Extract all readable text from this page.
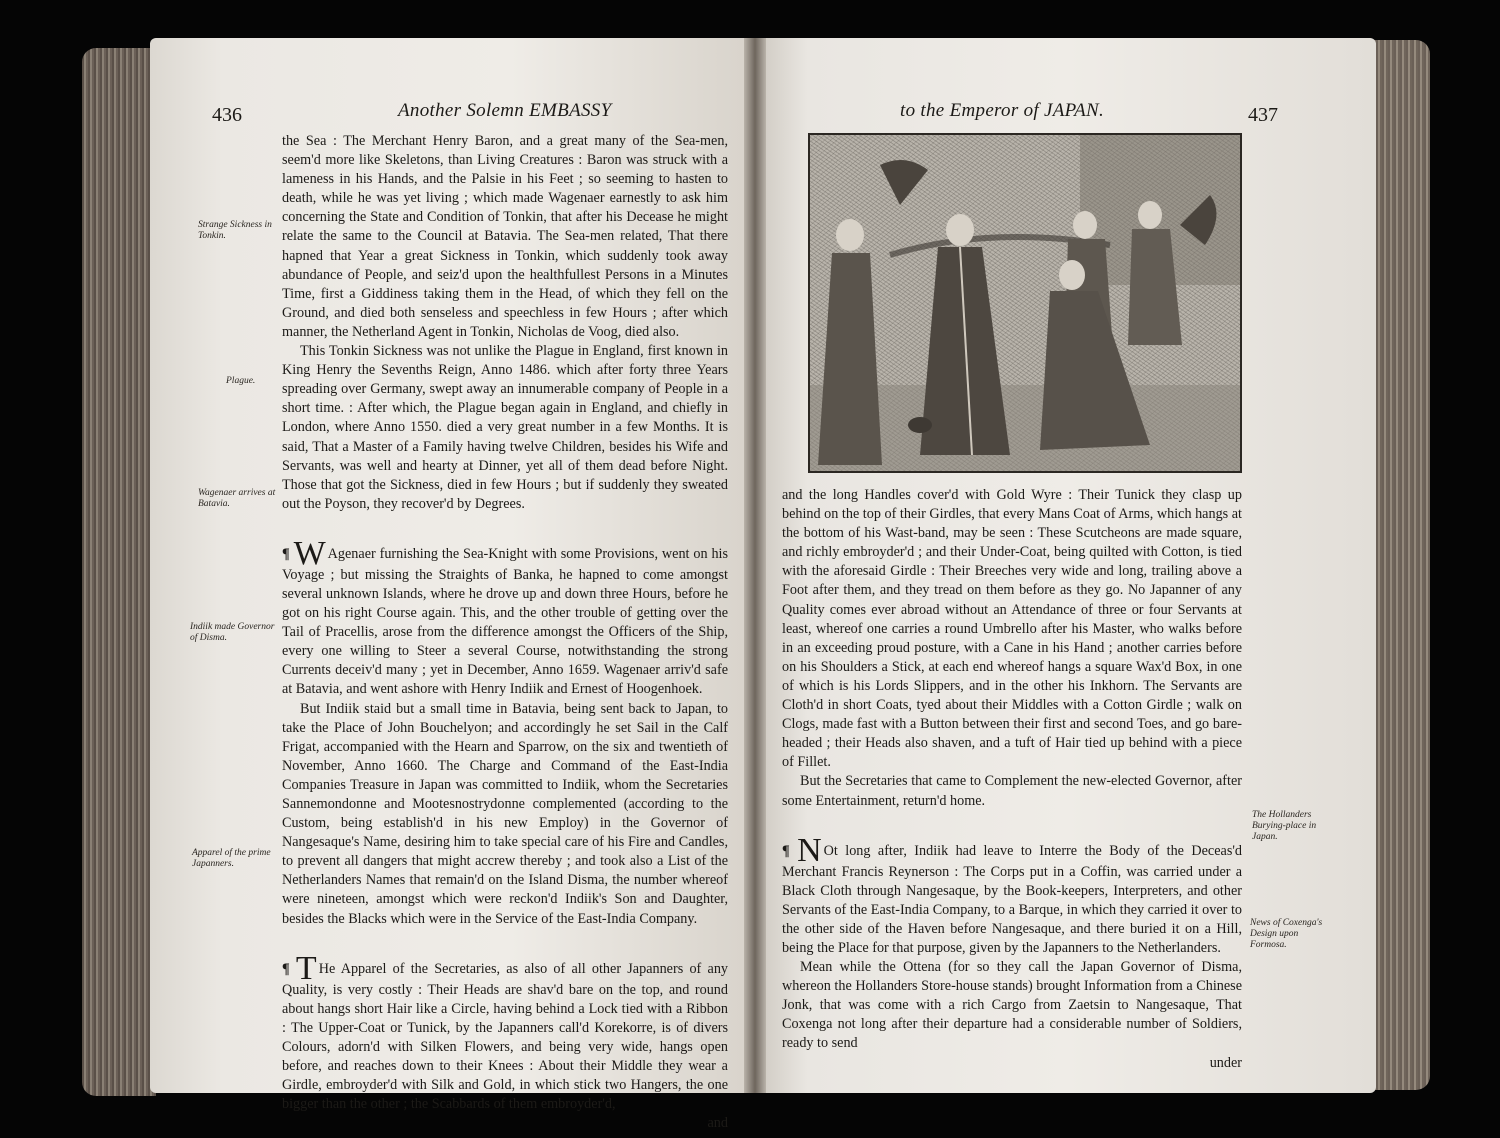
436	Another Solemn EMBASSY
Strange Sickness in Tonkin.
Plague.
Wagenaer arrives at Batavia.
Indiik made Governor of Disma.
Apparel of the prime Japanners.

the Sea : The Merchant Henry Baron, and a great many of the Sea-men, seem'd more like Skeletons, than Living Creatures : Baron was struck with a lameness in his Hands, and the Palsie in his Feet ; so seeming to hasten to death, while he was yet living ; which made Wagenaer earnestly to ask him concerning the State and Condition of Tonkin, that after his Decease he might relate the same to the Council at Batavia. The Sea-men related, That there hapned that Year a great Sickness in Tonkin, which suddenly took away abundance of People, and seiz'd upon the healthfullest Persons in a Minutes Time, first a Giddiness taking them in the Head, of which they fell on the Ground, and died both senseless and speechless in few Hours ; after which manner, the Netherland Agent in Tonkin, Nicholas de Voog, died also.

This Tonkin Sickness was not unlike the Plague in England, first known in King Henry the Sevenths Reign, Anno 1486. which after forty three Years spreading over Germany, swept away an innumerable company of People in a short time. : After which, the Plague began again in England, and chiefly in London, where Anno 1550. died a very great number in a few Months. It is said, That a Master of a Family having twelve Children, besides his Wife and Servants, was well and hearty at Dinner, yet all of them dead before Night. Those that got the Sickness, died in few Hours ; but if suddenly they sweated out the Poyson, they recover'd by Degrees.

¶ W Agenaer furnishing the Sea-Knight with some Provisions, went on his Voyage ; but missing the Straights of Banka, he hapned to come amongst several unknown Islands, where he drove up and down three Hours, before he got on his right Course again. This, and the other trouble of getting over the Tail of Pracellis, arose from the difference amongst the Officers of the Ship, every one willing to Steer a several Course, notwithstanding the strong Currents deceiv'd many ; yet in December, Anno 1659. Wagenaer arriv'd safe at Batavia, and went ashore with Henry Indiik and Ernest of Hoogenhoek.

But Indiik staid but a small time in Batavia, being sent back to Japan, to take the Place of John Bouchelyon; and accordingly he set Sail in the Calf Frigat, accompanied with the Hearn and Sparrow, on the six and twentieth of November, Anno 1660. The Charge and Command of the East-India Companies Treasure in Japan was committed to Indiik, whom the Secretaries Sannemondonne and Mootesnostrydonne complemented (according to the Custom, being establish'd in his new Employ) in the Governor of Nangesaque's Name, desiring him to take special care of his Fire and Candles, to prevent all dangers that might accrew thereby ; and took also a List of the Netherlanders Names that remain'd on the Island Disma, the number whereof were nineteen, amongst which were reckon'd Indiik's Son and Daughter, besides the Blacks which were in the Service of the East-India Company.

¶ T He Apparel of the Secretaries, as also of all other Japanners of any Quality, is very costly : Their Heads are shav'd bare on the top, and round about hangs short Hair like a Circle, having behind a Lock tied with a Ribbon : The Upper-Coat or Tunick, by the Japanners call'd Korekorre, is of divers Colours, adorn'd with Silken Flowers, and being very wide, hangs open before, and reaches down to their Knees : About their Middle they wear a Girdle, embroyder'd with Silk and Gold, in which stick two Hangers, the one bigger than the other ; the Scabbards of them embroyder'd,

and

to the Emperor of JAPAN.	437

and the long Handles cover'd with Gold Wyre : Their Tunick they clasp up behind on the top of their Girdles, that every Mans Coat of Arms, which hangs at the bottom of his Wast-band, may be seen : These Scutcheons are made square, and richly embroyder'd ; and their Under-Coat, being quilted with Cotton, is tied with the aforesaid Girdle : Their Breeches very wide and long, trailing above a Foot after them, and they tread on them before as they go. No Japanner of any Quality comes ever abroad without an Attendance of three or four Servants at least, whereof one carries a round Umbrello after his Master, who walks before in an exceeding proud posture, with a Cane in his Hand ; another carries before on his Shoulders a Stick, at each end whereof hangs a square Wax'd Box, in one of which is his Lords Slippers, and in the other his Inkhorn. The Servants are Cloth'd in short Coats, tyed about their Middles with a Cotton Girdle ; walk on Clogs, made fast with a Button between their first and second Toes, and go bare-headed ; their Heads also shaven, and a tuft of Hair tied up behind with a piece of Fillet.

But the Secretaries that came to Complement the new-elected Governor, after some Entertainment, return'd home.

¶ N Ot long after, Indiik had leave to Interre the Body of the Deceas'd Merchant Francis Reynerson : The Corps put in a Coffin, was carried under a Black Cloth through Nangesaque, by the Book-keepers, Interpreters, and other Servants of the East-India Company, to a Barque, in which they carried it over to the other side of the Haven before Nangesaque, and there buried it on a Hill, being the Place for that purpose, given by the Japanners to the Netherlanders.

Mean while the Ottena (for so they call the Japan Governor of Disma, whereon the Hollanders Store-house stands) brought Information from a Chinese Jonk, that was come with a rich Cargo from Zaetsin to Nangesaque, That Coxenga not long after their departure had a considerable number of Soldiers, ready to send

under

The Hollanders Burying-place in Japan.
News of Coxenga's Design upon Formosa.
